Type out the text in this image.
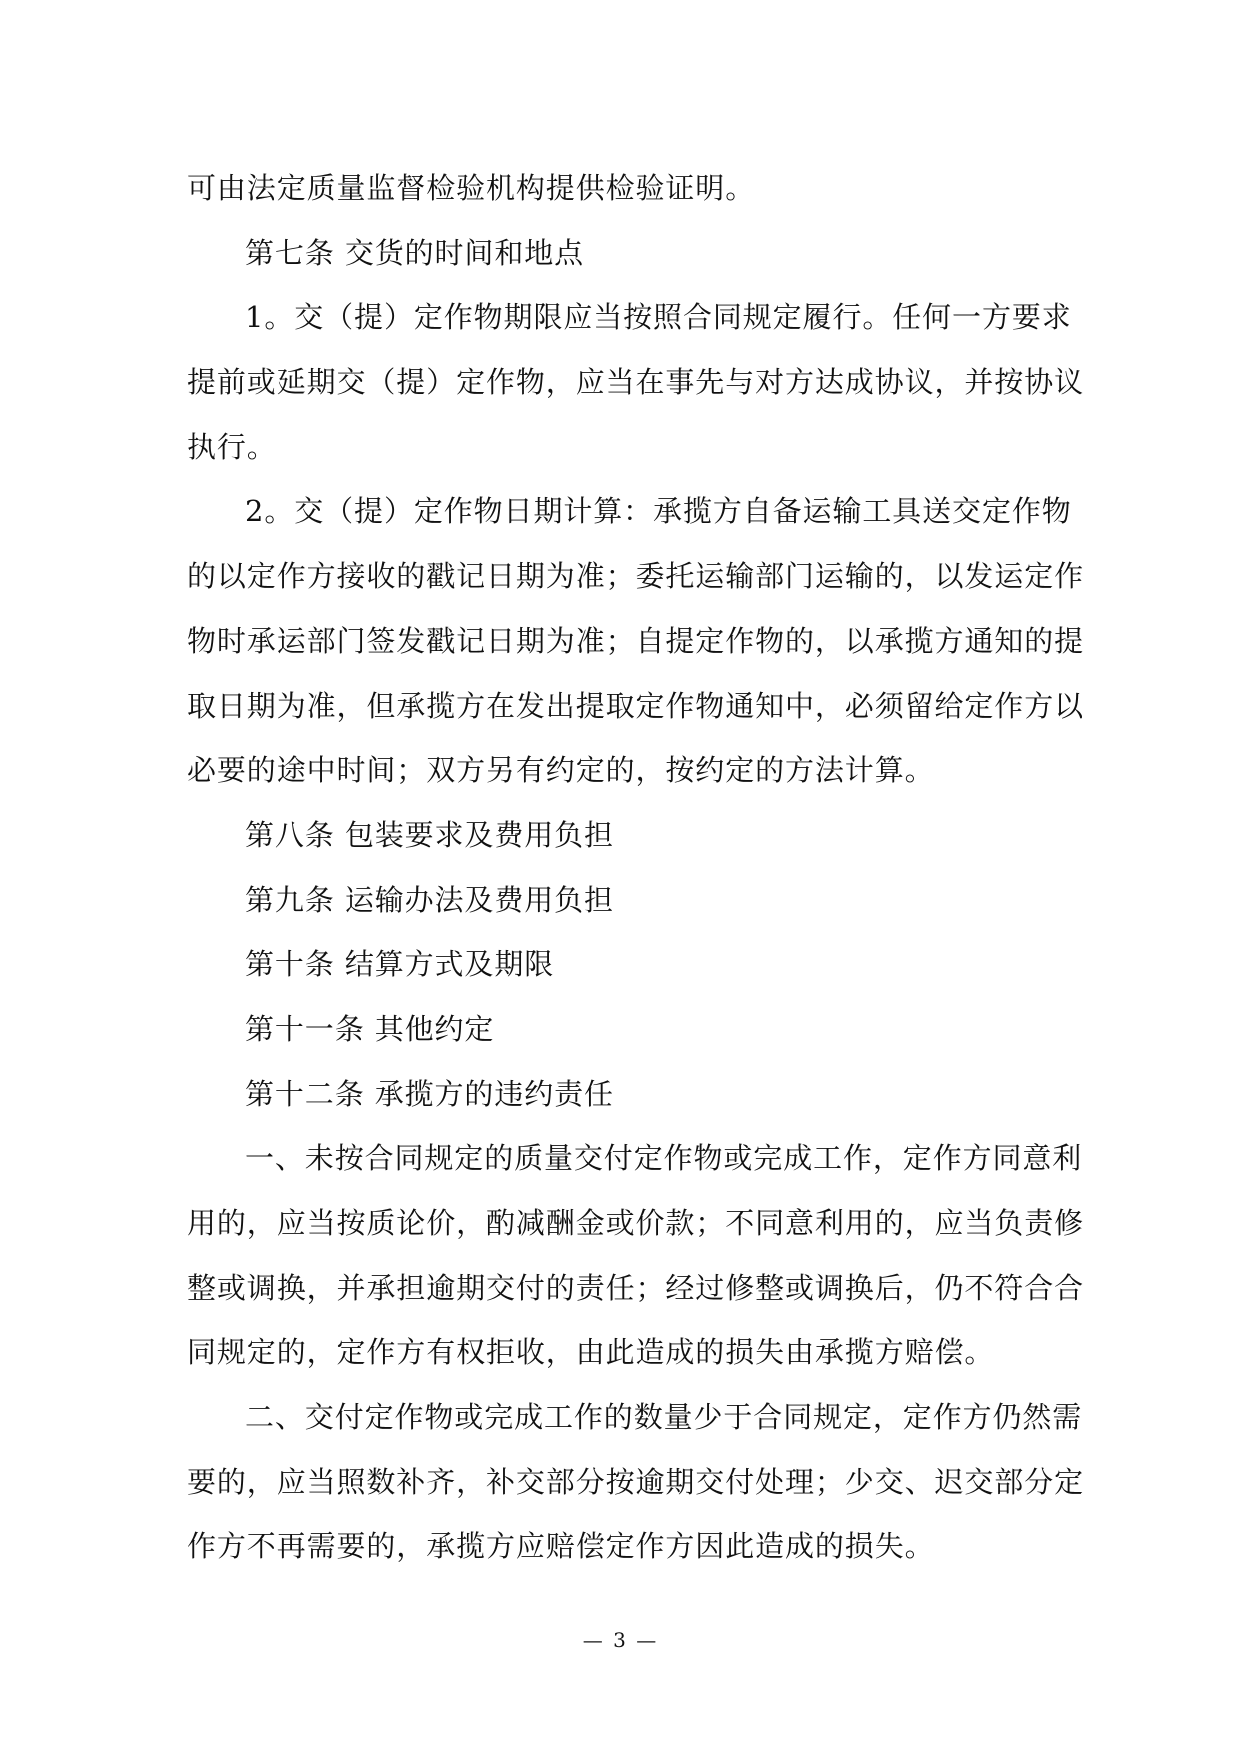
可由法定质量监督检验机构提供检验证明。
第七条 交货的时间和地点
1。交（提）定作物期限应当按照合同规定履行。任何一方要求
提前或延期交（提）定作物，应当在事先与对方达成协议，并按协议
执行。
2。交（提）定作物日期计算：承揽方自备运输工具送交定作物
的以定作方接收的戳记日期为准；委托运输部门运输的，以发运定作
物时承运部门签发戳记日期为准；自提定作物的，以承揽方通知的提
取日期为准，但承揽方在发出提取定作物通知中，必须留给定作方以
必要的途中时间；双方另有约定的，按约定的方法计算。
第八条 包装要求及费用负担
第九条 运输办法及费用负担
第十条 结算方式及期限
第十一条 其他约定
第十二条 承揽方的违约责任
一、未按合同规定的质量交付定作物或完成工作，定作方同意利
用的，应当按质论价，酌减酬金或价款；不同意利用的，应当负责修
整或调换，并承担逾期交付的责任；经过修整或调换后，仍不符合合
同规定的，定作方有权拒收，由此造成的损失由承揽方赔偿。
二、交付定作物或完成工作的数量少于合同规定，定作方仍然需
要的，应当照数补齐，补交部分按逾期交付处理；少交、迟交部分定
作方不再需要的，承揽方应赔偿定作方因此造成的损失。
— 3 —
